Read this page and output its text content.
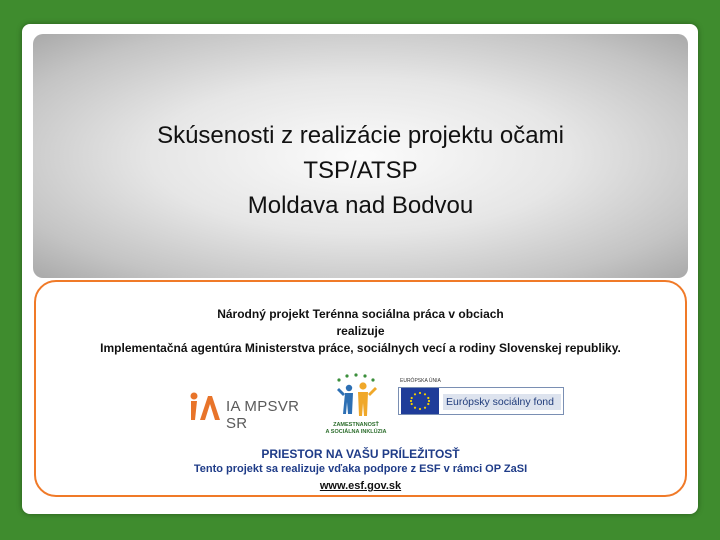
Skúsenosti z realizácie projektu očami
TSP/ATSP
Moldava nad Bodvou
Národný projekt Terénna sociálna práca v obciach
realizuje
Implementačná agentúra Ministerstva práce, sociálnych vecí a rodiny Slovenskej republiky.
IA MPSVR SR	ZAMESTNANOSŤ
A SOCIÁLNA INKLÚZIA
EURÓPSKA ÚNIA
Európsky sociálny fond
PRIESTOR NA VAŠU PRÍLEŽITOSŤ
Tento projekt sa realizuje vďaka podpore z ESF v rámci OP ZaSI
www.esf.gov.sk
